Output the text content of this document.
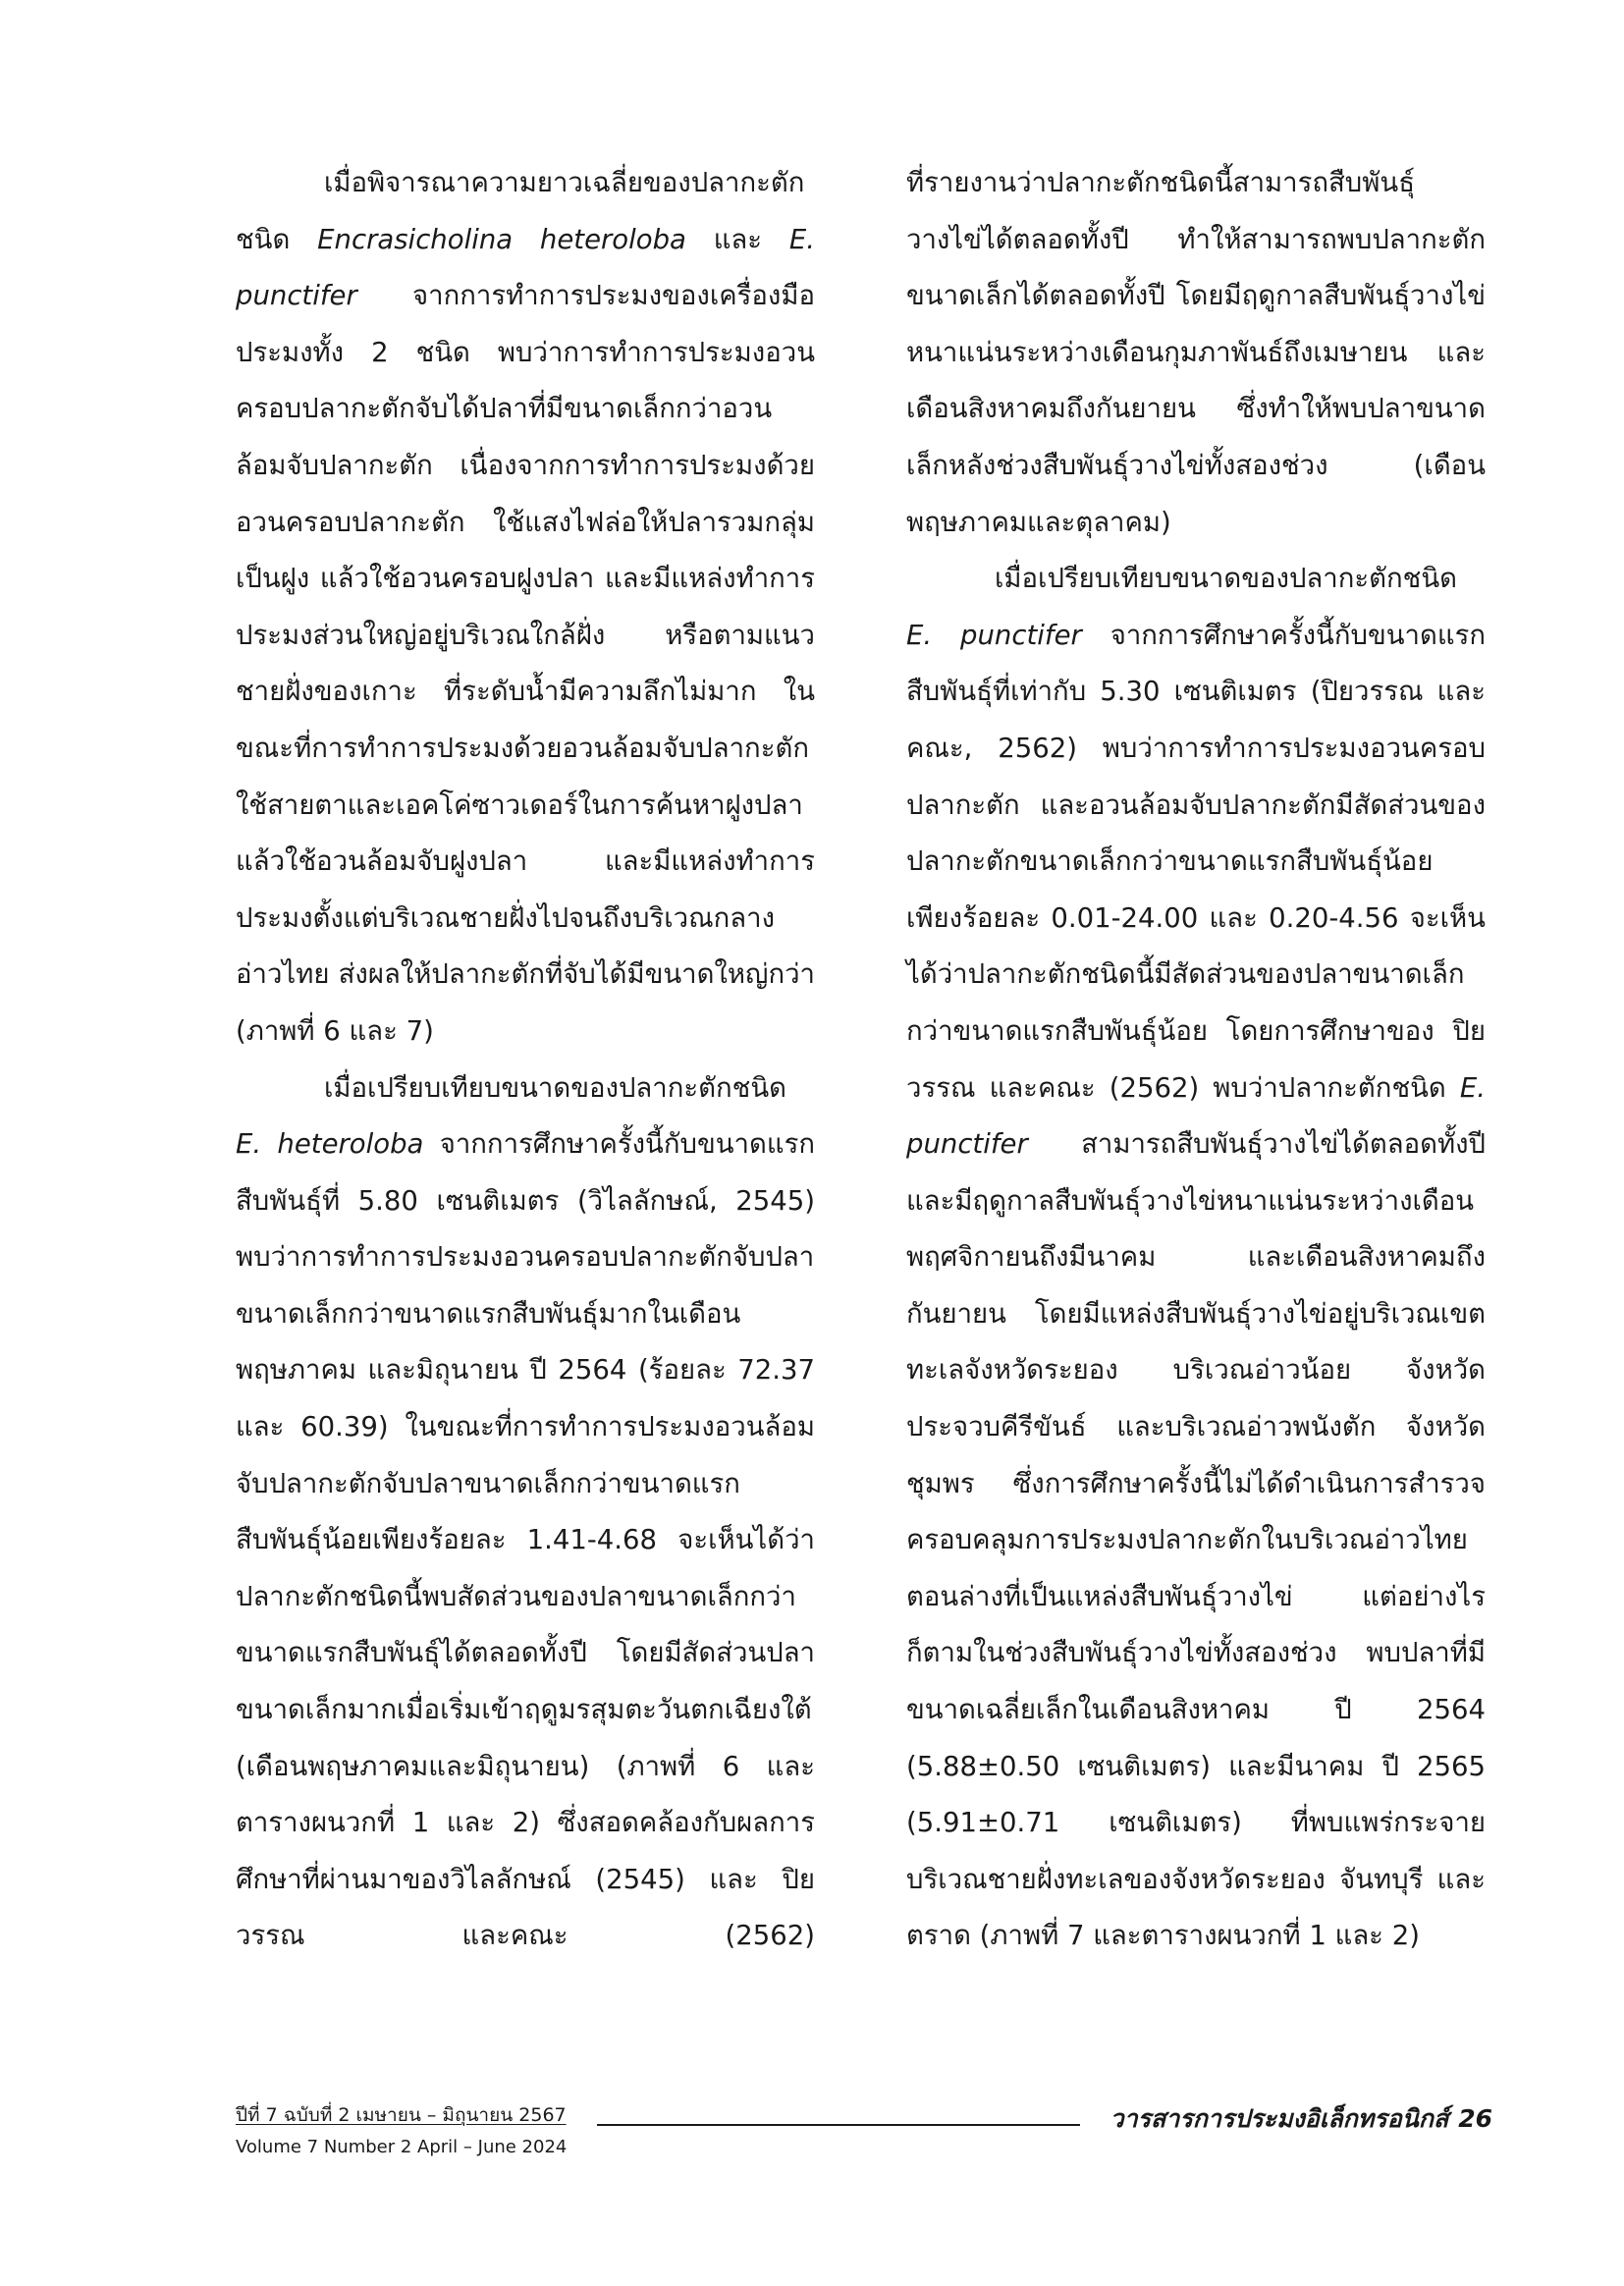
เมื่อพิจารณาความยาวเฉลี่ยของปลากะตักชนิด Encrasicholina heteroloba และ E. punctifer จากการทำการประมงของเครื่องมือประมงทั้ง 2 ชนิด พบว่าการทำการประมงอวนครอบปลากะตักจับได้ปลาที่มีขนาดเล็กกว่าอวนล้อมจับปลากะตัก เนื่องจากการทำการประมงด้วยอวนครอบปลากะตัก ใช้แสงไฟล่อให้ปลารวมกลุ่มเป็นฝูง แล้วใช้อวนครอบฝูงปลา และมีแหล่งทำการประมงส่วนใหญ่อยู่บริเวณใกล้ฝั่ง หรือตามแนวชายฝั่งของเกาะ ที่ระดับน้ำมีความลึกไม่มาก ในขณะที่การทำการประมงด้วยอวนล้อมจับปลากะตักใช้สายตาและเอคโค่ซาวเดอร์ในการค้นหาฝูงปลาแล้วใช้อวนล้อมจับฝูงปลา และมีแหล่งทำการประมงตั้งแต่บริเวณชายฝั่งไปจนถึงบริเวณกลางอ่าวไทย ส่งผลให้ปลากะตักที่จับได้มีขนาดใหญ่กว่า (ภาพที่ 6 และ 7)

เมื่อเปรียบเทียบขนาดของปลากะตักชนิด E. heteroloba จากการศึกษาครั้งนี้กับขนาดแรกสืบพันธุ์ที่ 5.80 เซนติเมตร (วิไลลักษณ์, 2545) พบว่าการทำการประมงอวนครอบปลากะตักจับปลาขนาดเล็กกว่าขนาดแรกสืบพันธุ์มากในเดือนพฤษภาคม และมิถุนายน ปี 2564 (ร้อยละ 72.37 และ 60.39) ในขณะที่การทำการประมงอวนล้อมจับปลากะตักจับปลาขนาดเล็กกว่าขนาดแรกสืบพันธุ์น้อยเพียงร้อยละ 1.41-4.68 จะเห็นได้ว่าปลากะตักชนิดนี้พบสัดส่วนของปลาขนาดเล็กกว่าขนาดแรกสืบพันธุ์ได้ตลอดทั้งปี โดยมีสัดส่วนปลาขนาดเล็กมากเมื่อเริ่มเข้าฤดูมรสุมตะวันตกเฉียงใต้ (เดือนพฤษภาคมและมิถุนายน) (ภาพที่ 6 และตารางผนวกที่ 1 และ 2) ซึ่งสอดคล้องกับผลการศึกษาที่ผ่านมาของวิไลลักษณ์ (2545) และ ปิยวรรณ และคณะ (2562)

ที่รายงานว่าปลากะตักชนิดนี้สามารถสืบพันธุ์วางไข่ได้ตลอดทั้งปี ทำให้สามารถพบปลากะตักขนาดเล็กได้ตลอดทั้งปี โดยมีฤดูกาลสืบพันธุ์วางไข่หนาแน่นระหว่างเดือนกุมภาพันธ์ถึงเมษายน และเดือนสิงหาคมถึงกันยายน ซึ่งทำให้พบปลาขนาดเล็กหลังช่วงสืบพันธุ์วางไข่ทั้งสองช่วง (เดือนพฤษภาคมและตุลาคม)

เมื่อเปรียบเทียบขนาดของปลากะตักชนิด E. punctifer จากการศึกษาครั้งนี้กับขนาดแรกสืบพันธุ์ที่เท่ากับ 5.30 เซนติเมตร (ปิยวรรณ และคณะ, 2562) พบว่าการทำการประมงอวนครอบปลากะตัก และอวนล้อมจับปลากะตักมีสัดส่วนของปลากะตักขนาดเล็กกว่าขนาดแรกสืบพันธุ์น้อยเพียงร้อยละ 0.01-24.00 และ 0.20-4.56 จะเห็นได้ว่าปลากะตักชนิดนี้มีสัดส่วนของปลาขนาดเล็กกว่าขนาดแรกสืบพันธุ์น้อย โดยการศึกษาของ ปิยวรรณ และคณะ (2562) พบว่าปลากะตักชนิด E. punctifer สามารถสืบพันธุ์วางไข่ได้ตลอดทั้งปี และมีฤดูกาลสืบพันธุ์วางไข่หนาแน่นระหว่างเดือนพฤศจิกายนถึงมีนาคม และเดือนสิงหาคมถึงกันยายน โดยมีแหล่งสืบพันธุ์วางไข่อยู่บริเวณเขตทะเลจังหวัดระยอง บริเวณอ่าวน้อย จังหวัดประจวบคีรีขันธ์ และบริเวณอ่าวพนังตัก จังหวัดชุมพร ซึ่งการศึกษาครั้งนี้ไม่ได้ดำเนินการสำรวจครอบคลุมการประมงปลากะตักในบริเวณอ่าวไทยตอนล่างที่เป็นแหล่งสืบพันธุ์วางไข่ แต่อย่างไรก็ตามในช่วงสืบพันธุ์วางไข่ทั้งสองช่วง พบปลาที่มีขนาดเฉลี่ยเล็กในเดือนสิงหาคม ปี 2564 (5.88±0.50 เซนติเมตร) และมีนาคม ปี 2565 (5.91±0.71 เซนติเมตร) ที่พบแพร่กระจายบริเวณชายฝั่งทะเลของจังหวัดระยอง จันทบุรี และตราด (ภาพที่ 7 และตารางผนวกที่ 1 และ 2)

ปีที่ 7 ฉบับที่ 2 เมษายน – มิถุนายน 2567
Volume 7 Number 2 April – June 2024
วารสารการประมงอิเล็กทรอนิกส์ 26
